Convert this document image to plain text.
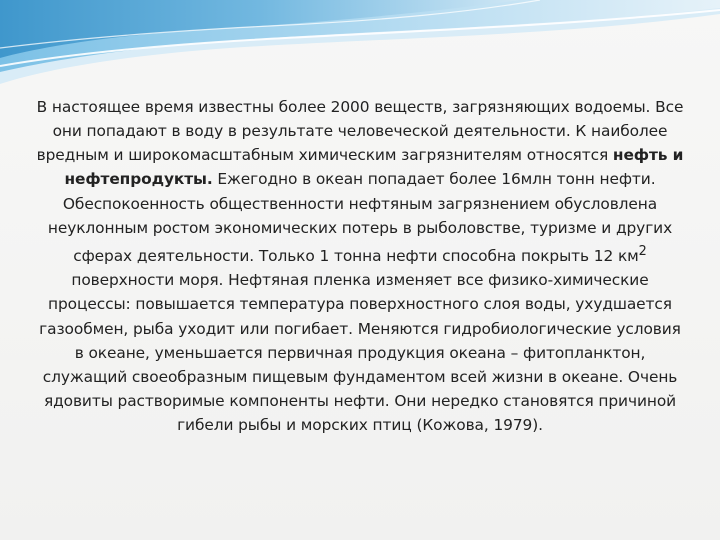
В настоящее время известны более 2000 веществ, загрязняющих водоемы. Все они попадают в воду в результате человеческой деятельности. К наиболее вредным и широкомасштабным химическим загрязнителям относятся нефть и нефтепродукты. Ежегодно в океан попадает более 16млн тонн нефти. Обеспокоенность общественности нефтяным загрязнением обусловлена неуклонным ростом экономических потерь в рыболовстве, туризме и других сферах деятельности. Только 1 тонна нефти способна покрыть 12 $км^2$ поверхности моря. Нефтяная пленка изменяет все физико-химические процессы: повышается температура поверхностного слоя воды, ухудшается газообмен, рыба уходит или погибает. Меняются гидробиологические условия в океане, уменьшается первичная продукция океана – фитопланктон, служащий своеобразным пищевым фундаментом всей жизни в океане. Очень ядовиты растворимые компоненты нефти. Они нередко становятся причиной гибели рыбы и морских птиц (Кожова, 1979).
